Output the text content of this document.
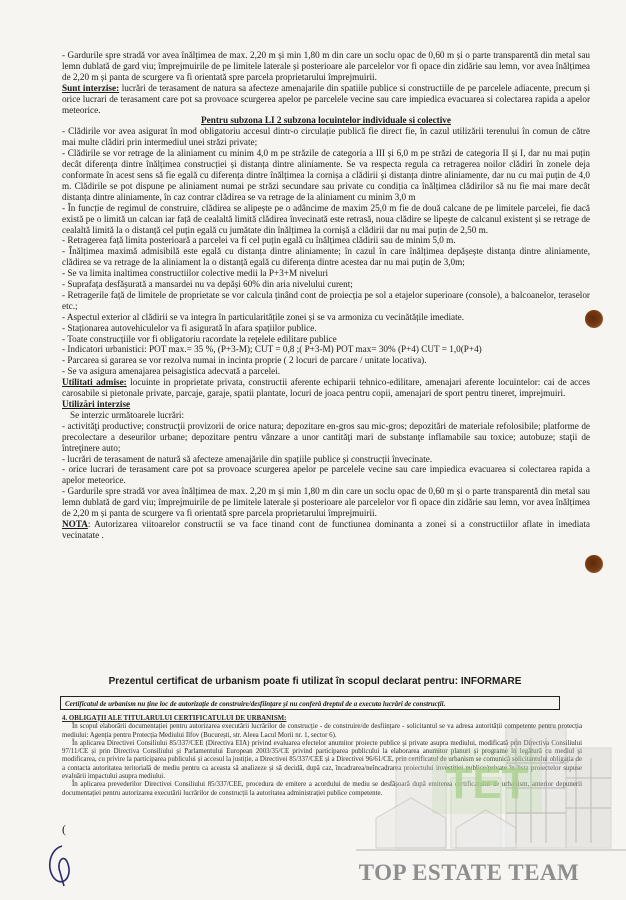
- Gardurile spre stradă vor avea înălțimea de max. 2,20 m și min 1,80 m din care un soclu opac de 0,60 m și o parte transparentă din metal sau lemn dublată de gard viu; împrejmuirile de pe limitele laterale și posterioare ale parcelelor vor fi opace din zidărie sau lemn, vor avea înălțimea de 2,20 m și panta de scurgere va fi orientată spre parcela proprietarului împrejmuirii.

Sunt interzise: lucrări de terasament de natura sa afecteze amenajarile din spatiile publice si constructiile de pe parcelele adiacente, precum și orice lucrari de terasament care pot sa provoace scurgerea apelor pe parcelele vecine sau care impiedica evacuarea si colectarea rapida a apelor meteorice.

Pentru subzona LI 2 subzona locuintelor individuale si colective

- Clădirile vor avea asigurat în mod obligatoriu accesul dintr-o circulație publică fie direct fie, în cazul utilizării terenului în comun de către mai multe clădiri prin intermediul unei străzi private;

- Clădirile se vor retrage de la aliniament cu minim 4,0 m pe străzile de categoria a III și 6,0 m pe străzi de categoria II și I, dar nu mai puțin decât diferența dintre înălțimea construcției și distanța dintre aliniamente. Se va respecta regula ca retragerea noilor clădiri în zonele deja conformate în acest sens să fie egală cu diferența dintre înălțimea la cornișa a clădirii și distanța dintre aliniamente, dar nu cu mai puțin de 4,0 m. Clădirile se pot dispune pe aliniament numai pe străzi secundare sau private cu condiția ca înălțimea clădirilor să nu fie mai mare decât distanța dintre aliniamente, în caz contrar clădirea se va retrage de la aliniament cu minim 3,0 m

- În funcție de regimul de construire, clădirea se alipește pe o adâncime de maxim 25,0 m fie de două calcane de pe limitele parcelei, fie dacă există pe o limită un calcan iar față de cealaltă limită clădirea învecinată este retrasă, noua clădire se lipește de calcanul existent și se retrage de cealaltă limită la o distanță cel puțin egală cu jumătate din înălțimea la cornișă a clădirii dar nu mai puțin de 2,50 m.

- Retragerea față limita posterioară a parcelei va fi cel puțin egală cu înălțimea clădirii sau de minim 5,0 m.

- Înălțimea maximă admisibilă este egală cu distanța dintre aliniamente; în cazul în care înălțimea depășește distanța dintre aliniamente, clădirea se va retrage de la aliniament la o distanță egală cu diferența dintre acestea dar nu mai puțin de 3,0m;

- Se va limita inaltimea constructiilor colective medii la P+3+M niveluri

- Suprafața desfășurată a mansardei nu va depăși 60% din aria nivelului curent;

- Retragerile față de limitele de proprietate se vor calcula ținând cont de proiecția pe sol a etajelor superioare (console), a balcoanelor, teraselor etc.;

- Aspectul exterior al clădirii se va integra în particularitățile zonei și se va armoniza cu vecinătățile imediate.

- Staționarea autovehiculelor va fi asigurată în afara spațiilor publice.

- Toate construcțiile vor fi obligatoriu racordate la rețelele edilitare publice

- Indicatori urbanistici: POT max.= 35 %, (P+3-M); CUT = 0,8 ;( P+3-M) POT max= 30% (P+4) CUT = 1,0(P+4)

- Parcarea si gararea se vor rezolva numai in incinta proprie ( 2 locuri de parcare / unitate locativa).

- Se va asigura amenajarea peisagistica adecvată a parcelei.

Utilitati admise: locuinte in proprietate privata, constructii aferente echiparii tehnico-edilitare, amenajari aferente locuintelor: cai de acces carosabile si pietonale private, parcaje, garaje, spatii plantate, locuri de joaca pentru copii, amenajari de sport pentru tineret, imprejmuiri.

Utilizări interzise

Se interzic următoarele lucrări:

- activităţi productive; construcţii provizorii de orice natura; depozitare en-gros sau mic-gros; depozitări de materiale refolosibile; platforme de precolectare a deseurilor urbane; depozitare pentru vânzare a unor cantităţi mari de substanţe inflamabile sau toxice; autobuze; staţii de întreţinere auto;

- lucrări de terasament de natură să afecteze amenajările din spațiile publice și construcții învecinate.

- orice lucrari de terasament care pot sa provoace scurgerea apelor pe parcelele vecine sau care impiedica evacuarea si colectarea rapida a apelor meteorice.

- Gardurile spre stradă vor avea înălțimea de max. 2,20 m și min 1,80 m din care un soclu opac de 0,60 m și o parte transparentă din metal sau lemn dublată de gard viu; împrejmuirile de pe limitele laterale și posterioare ale parcelelor vor fi opace din zidărie sau lemn, vor avea înălțimea de 2,20 m și panta de scurgere va fi orientată spre parcela proprietarului împrejmuirii.

NOTA: Autorizarea viitoarelor constructii se va face tinand cont de functiunea dominanta a zonei si a constructiilor aflate in imediata vecinatate .

Prezentul certificat de urbanism poate fi utilizat în scopul declarat pentru: INFORMARE
Certificatul de urbanism nu ține loc de autorizație de construire/desființare și nu conferă dreptul de a executa lucrări de construcții.

4. OBLIGAȚII ALE TITULARULUI CERTIFICATULUI DE URBANISM:

În scopul elaborării documentației pentru autorizarea executării lucrărilor de construcție - de construire/de desființare - solicitantul se va adresa autorității competente pentru protecția mediului: Agenția pentru Protecția Mediului Ilfov (București, str. Aleea Lacul Morii nr. 1, sector 6).

În aplicarea Directivei Consiliului 85/337/CEE (Directiva EIA) privind evaluarea efectelor anumitor proiecte publice și private asupra mediului, modificată prin Directiva Consiliului 97/11/CE și prin Directiva Consiliului și Parlamentului European 2003/35/CE privind participarea publicului la elaborarea anumitor planuri și programe în legătură cu mediul și modificarea, cu privire la participarea publicului și accesul la justiție, a Directivei 85/337/CEE și a Directivei 96/61/CE, prin certificatul de urbanism se comunică solicitantului obligația de a contacta autoritatea teritorială de mediu pentru ca aceasta să analizeze și să decidă, după caz, încadrarea/neîncadrarea proiectului investiției publice/private în lista proiectelor supuse evaluării impactului asupra mediului.

În aplicarea prevederilor Directivei Consiliului 85/337/CEE, procedura de emitere a acordului de mediu se desfășoară după emiterea certificatului de urbanism, anterior depunerii documentației pentru autorizarea executării lucrărilor de construcții la autoritatea administrației publice competente.	TET
TOP ESTATE TEAM
(
